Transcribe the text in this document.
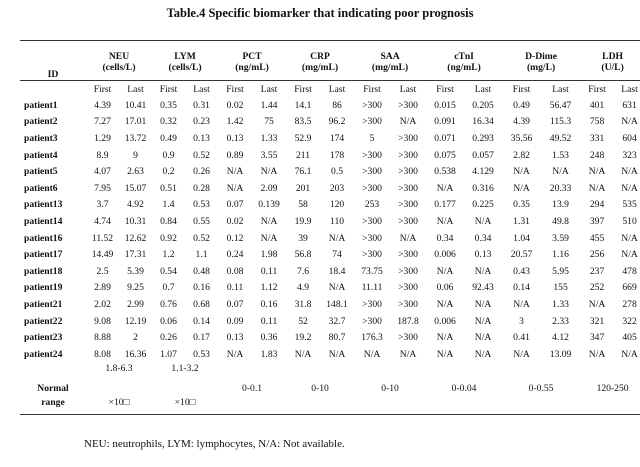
Table.4 Specific biomarker that indicating poor prognosis
ID	NEU		LYM		PCT		CRP		SAA		cTnI		D-Dime		LDH	
	(cells/L)		(cells/L)		(ng/mL)		(mg/mL)		(mg/mL)		(ng/mL)		(mg/L)		(U/L)	
	First	Last	First	Last	First	Last	First	Last	First	Last	First	Last	First	Last	First	Last
patient1	4.39	10.41	0.35	0.31	0.02	1.44	14.1	86	>300	>300	0.015	0.205	0.49	56.47	401	631
patient2	7.27	17.01	0.32	0.23	1.42	75	83.5	96.2	>300	N/A	0.091	16.34	4.39	115.3	758	N/A
patient3	1.29	13.72	0.49	0.13	0.13	1.33	52.9	174	5	>300	0.071	0.293	35.56	49.52	331	604
patient4	8.9	9	0.9	0.52	0.89	3.55	211	178	>300	>300	0.075	0.057	2.82	1.53	248	323
patient5	4.07	2.63	0.2	0.26	N/A	N/A	76.1	0.5	>300	>300	0.538	4.129	N/A	N/A	N/A	N/A
patient6	7.95	15.07	0.51	0.28	N/A	2.09	201	203	>300	>300	N/A	0.316	N/A	20.33	N/A	N/A
patient13	3.7	4.92	1.4	0.53	0.07	0.139	58	120	253	>300	0.177	0.225	0.35	13.9	294	535
patient14	4.74	10.31	0.84	0.55	0.02	N/A	19.9	110	>300	>300	N/A	N/A	1.31	49.8	397	510
patient16	11.52	12.62	0.92	0.52	0.12	N/A	39	N/A	>300	N/A	0.34	0.34	1.04	3.59	455	N/A
patient17	14.49	17.31	1.2	1.1	0.24	1.98	56.8	74	>300	>300	0.006	0.13	20.57	1.16	256	N/A
patient18	2.5	5.39	0.54	0.48	0.08	0.11	7.6	18.4	73.75	>300	N/A	N/A	0.43	5.95	237	478
patient19	2.89	9.25	0.7	0.16	0.11	1.12	4.9	N/A	11.11	>300	0.06	92.43	0.14	155	252	669
patient21	2.02	2.99	0.76	0.68	0.07	0.16	31.8	148.1	>300	>300	N/A	N/A	N/A	1.33	N/A	278
patient22	9.08	12.19	0.06	0.14	0.09	0.11	52	32.7	>300	187.8	0.006	N/A	3	2.33	321	322
patient23	8.88	2	0.26	0.17	0.13	0.36	19.2	80.7	176.3	>300	N/A	N/A	0.41	4.12	347	405
patient24	8.08	16.36	1.07	0.53	N/A	1.83	N/A	N/A	N/A	N/A	N/A	N/A	N/A	13.09	N/A	N/A
	1.8-6.3		1.1-3.2													
Normal					0-0.1		0-10		0-10		0-0.04		0-0.55		120-250	
range	×10□		×10□													
NEU: neutrophils, LYM: lymphocytes, N/A: Not available.
